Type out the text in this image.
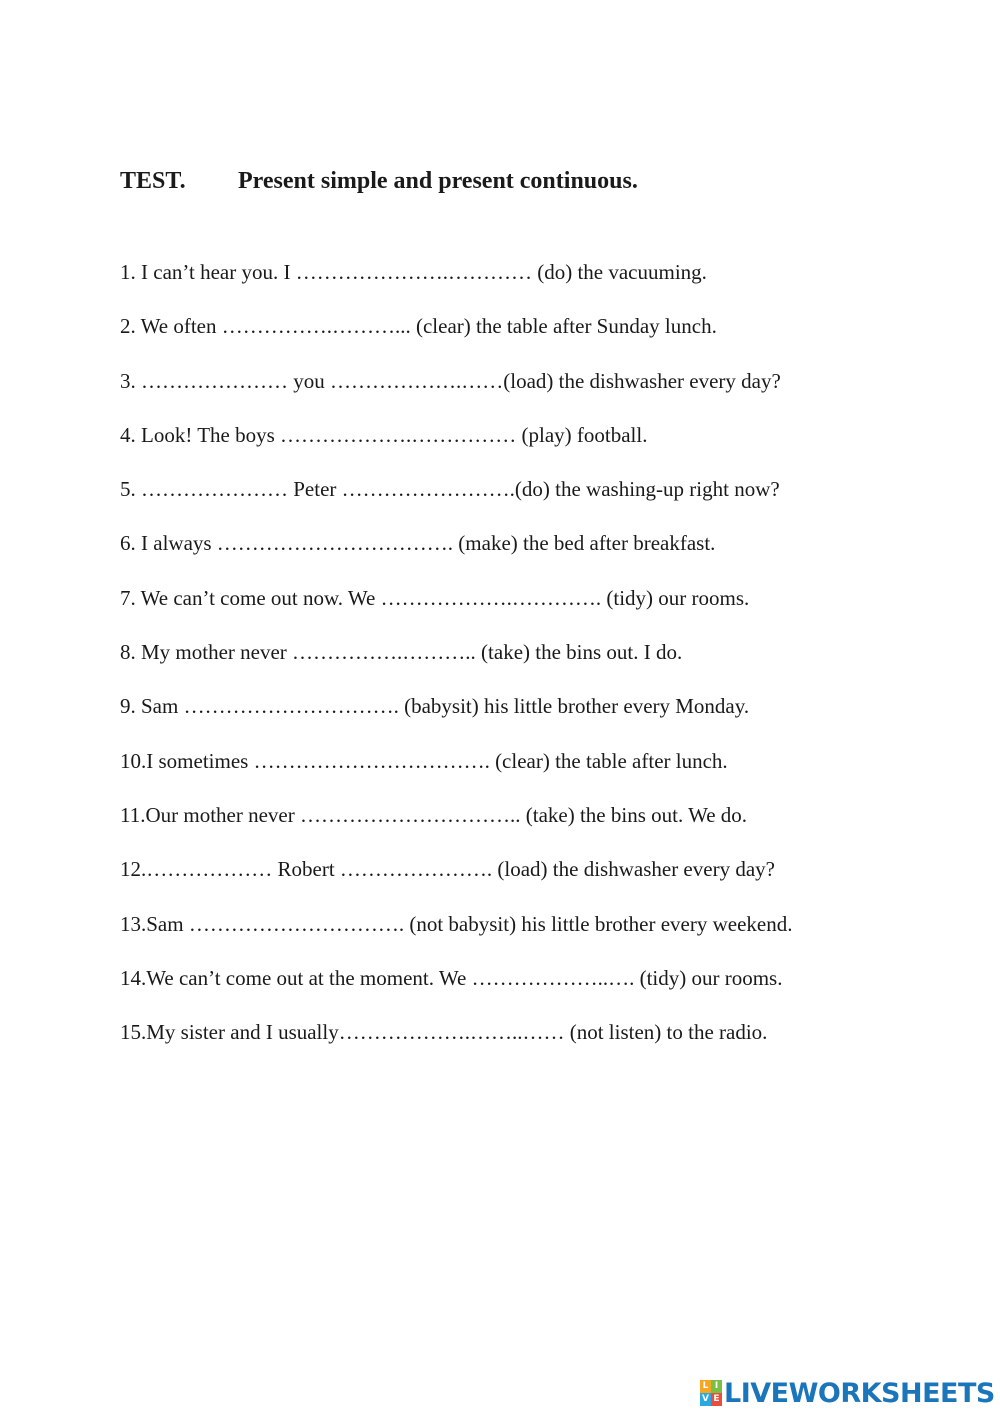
TEST. Present simple and present continuous.
1. I can’t hear you. I ………………….………… (do) the vacuuming.
2. We often …………….………... (clear) the table after Sunday lunch.
3. ………………… you ……………….……(load) the dishwasher every day?
4. Look! The boys ……………….…………… (play) football.
5. ………………… Peter …………………….(do) the washing-up right now?
6. I always ……………………………. (make) the bed after breakfast.
7. We can’t come out now. We ……………….…………. (tidy) our rooms.
8. My mother never …………….……….. (take) the bins out. I do.
9. Sam …………………………. (babysit) his little brother every Monday.
10.I sometimes ……………………………. (clear) the table after lunch.
11.Our mother never ………………………….. (take) the bins out. We do.
12.……………… Robert …………………. (load) the dishwasher every day?
13.Sam …………………………. (not babysit) his little brother every weekend.
14.We can’t come out at the moment. We ………………..…. (tidy) our rooms.
15.My sister and I usually……………….……..…… (not listen) to the radio.
L I
V E LIVEWORKSHEETS
